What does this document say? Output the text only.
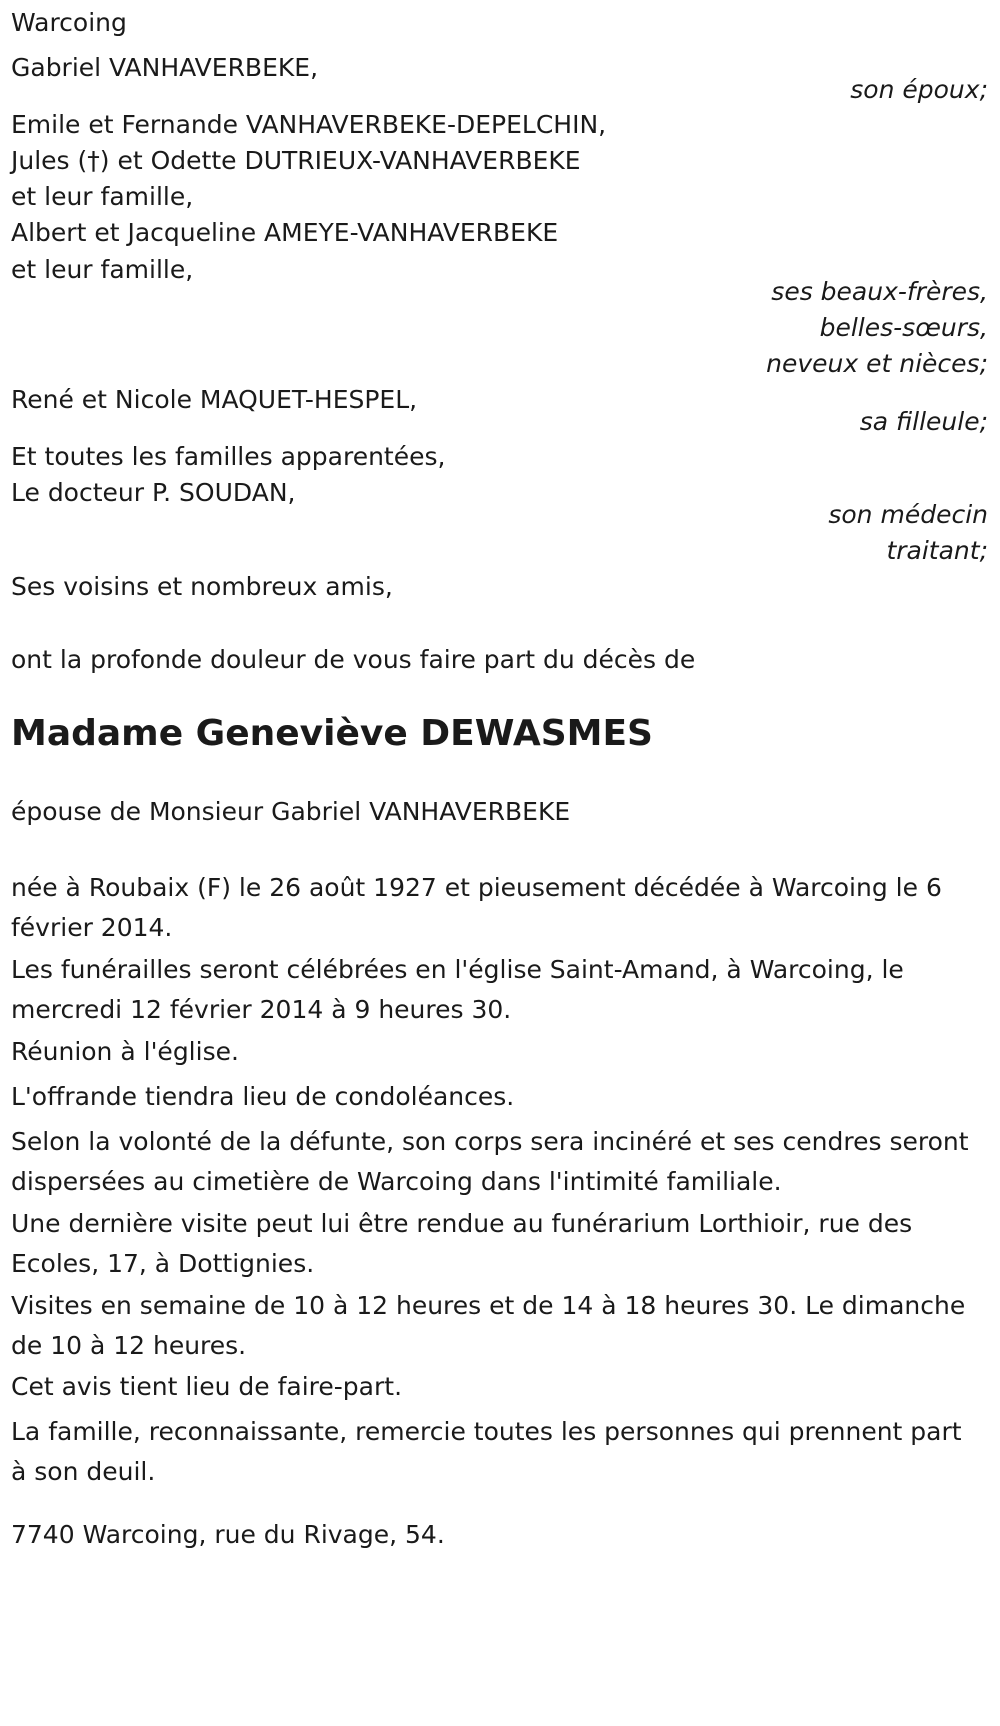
Warcoing
Gabriel VANHAVERBEKE,
son époux;
Emile et Fernande VANHAVERBEKE-DEPELCHIN,
Jules (†) et Odette DUTRIEUX-VANHAVERBEKE
et leur famille,
Albert et Jacqueline AMEYE-VANHAVERBEKE
et leur famille,
ses beaux-frères,
belles-sœurs,
neveux et nièces;
René et Nicole MAQUET-HESPEL,
sa filleule;
Et toutes les familles apparentées,
Le docteur P. SOUDAN,
son médecin
traitant;
Ses voisins et nombreux amis,
ont la profonde douleur de vous faire part du décès de
Madame Geneviève DEWASMES
épouse de Monsieur Gabriel VANHAVERBEKE
née à Roubaix (F) le 26 août 1927 et pieusement décédée à Warcoing le 6 février 2014.
Les funérailles seront célébrées en l'église Saint-Amand, à Warcoing, le mercredi 12 février 2014 à 9 heures 30.
Réunion à l'église.
L'offrande tiendra lieu de condoléances.
Selon la volonté de la défunte, son corps sera incinéré et ses cendres seront dispersées au cimetière de Warcoing dans l'intimité familiale.
Une dernière visite peut lui être rendue au funérarium Lorthioir, rue des Ecoles, 17, à Dottignies.
Visites en semaine de 10 à 12 heures et de 14 à 18 heures 30. Le dimanche de 10 à 12 heures.
Cet avis tient lieu de faire-part.
La famille, reconnaissante, remercie toutes les personnes qui prennent part à son deuil.
7740 Warcoing, rue du Rivage, 54.
